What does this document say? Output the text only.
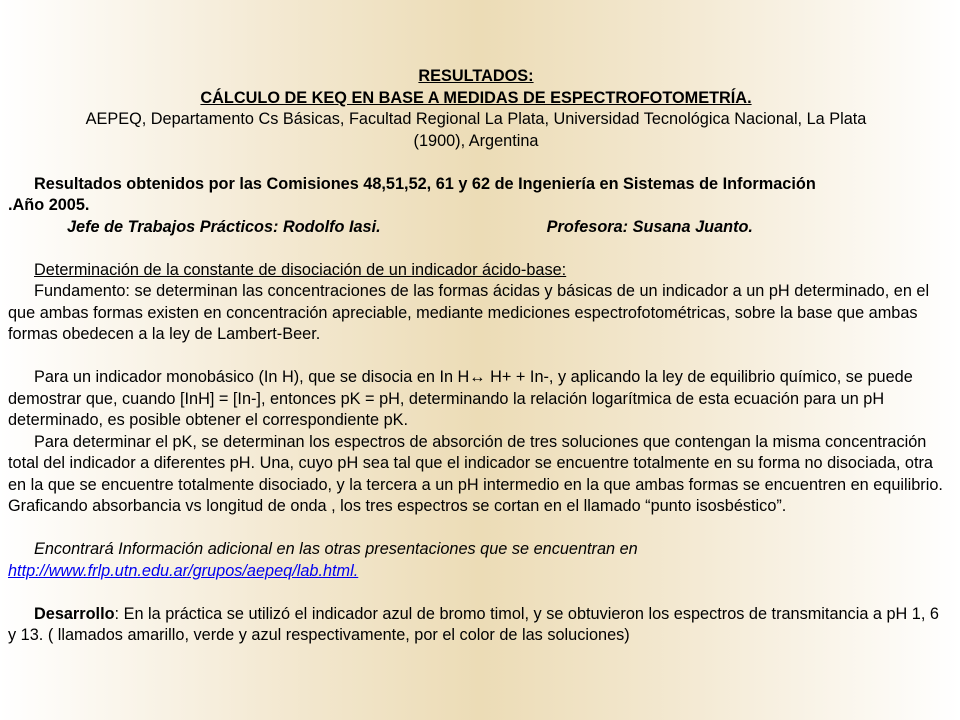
RESULTADOS:

CÁLCULO DE KEQ EN BASE A MEDIDAS DE ESPECTROFOTOMETRÍA.

AEPEQ, Departamento Cs Básicas, Facultad Regional La Plata, Universidad Tecnológica Nacional, La Plata
(1900), Argentina

Resultados obtenidos por las Comisiones 48,51,52, 61 y 62 de Ingeniería en Sistemas de Información
.Año 2005.

Jefe de Trabajos Prácticos: Rodolfo Iasi.	Profesora: Susana Juanto.

Determinación de la constante de disociación de un indicador ácido-base:

Fundamento: se determinan las concentraciones de las formas ácidas y básicas de un indicador a un pH determinado, en el que ambas formas existen en concentración apreciable, mediante mediciones espectrofotométricas, sobre la base que ambas formas obedecen a la ley de Lambert-Beer.

Para un indicador monobásico (In H), que se disocia en In H↔ H+ + In-, y aplicando la ley de equilibrio químico, se puede demostrar que, cuando [InH] = [In-], entonces pK = pH, determinando la relación logarítmica de esta ecuación para un pH determinado, es posible obtener el correspondiente pK.

Para determinar el pK, se determinan los espectros de absorción de tres soluciones que contengan la misma concentración total del indicador a diferentes pH. Una, cuyo pH sea tal que el indicador se encuentre totalmente en su forma no disociada, otra en la que se encuentre totalmente disociado, y la tercera a un pH intermedio en la que ambas formas se encuentren en equilibrio. Graficando absorbancia vs longitud de onda , los tres espectros se cortan en el llamado “punto isosbéstico”.

Encontrará Información adicional en las otras presentaciones que se encuentran en

http://www.frlp.utn.edu.ar/grupos/aepeq/lab.html.

Desarrollo: En la práctica se utilizó el indicador azul de bromo timol, y se obtuvieron los espectros de transmitancia a pH 1, 6 y 13. ( llamados amarillo, verde y azul respectivamente, por el color de las soluciones)
